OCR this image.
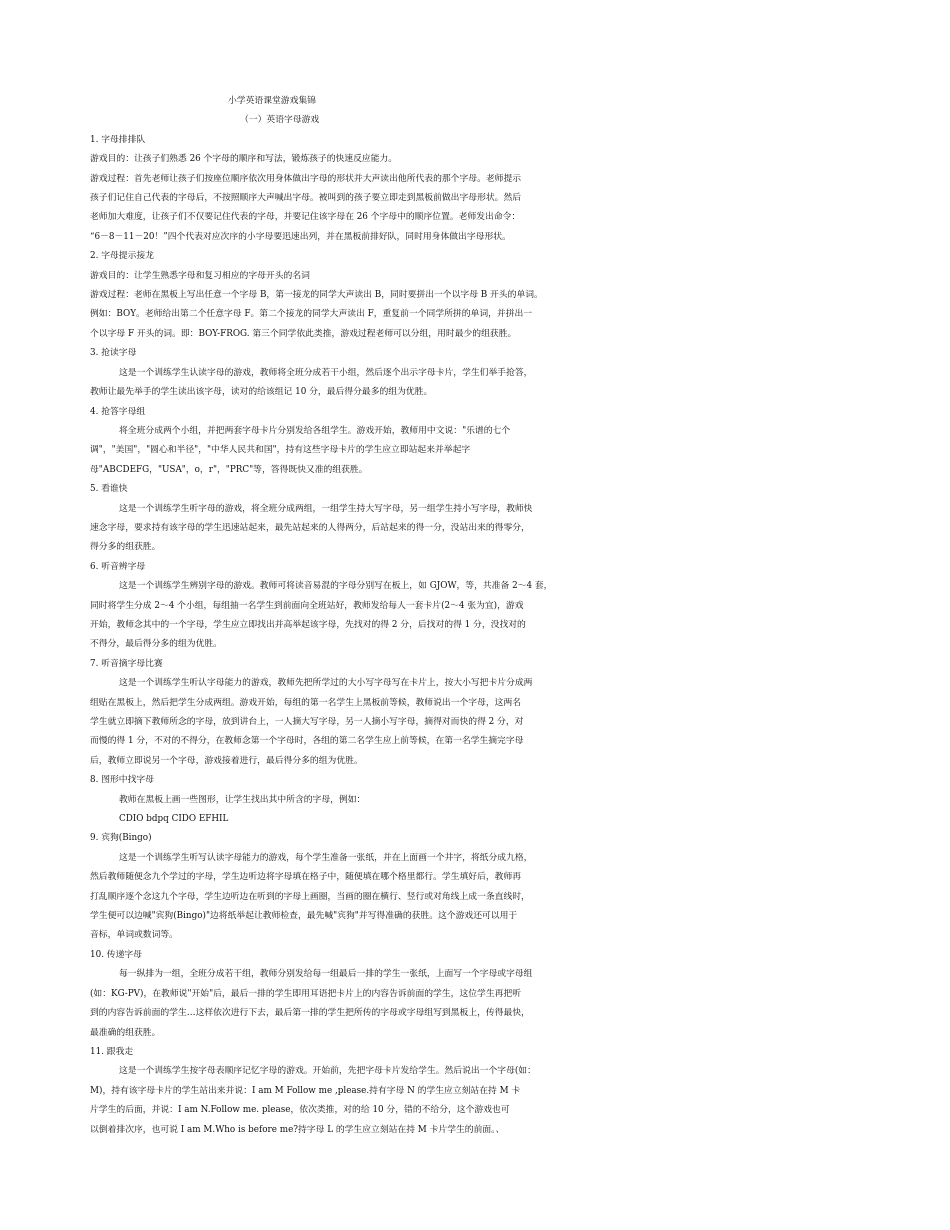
小学英语课堂游戏集锦
（一）英语字母游戏
1. 字母排排队
游戏目的：让孩子们熟悉 26 个字母的顺序和写法，锻炼孩子的快速反应能力。
游戏过程：首先老师让孩子们按座位顺序依次用身体做出字母的形状并大声读出他所代表的那个字母。老师提示
孩子们记住自己代表的字母后，不按照顺序大声喊出字母。被叫到的孩子要立即走到黑板前做出字母形状。然后
老师加大难度，让孩子们不仅要记住代表的字母，并要记住该字母在 26 个字母中的顺序位置。老师发出命令：
“6－8－11－20！”四个代表对应次序的小字母要迅速出列，并在黑板前排好队，同时用身体做出字母形状。
2. 字母提示接龙
游戏目的：让学生熟悉字母和复习相应的字母开头的名词
游戏过程：老师在黑板上写出任意一个字母 B，第一接龙的同学大声读出 B，同时要拼出一个以字母 B 开头的单词。
例如：BOY。老师给出第二个任意字母 F。第二个接龙的同学大声读出 F，重复前一个同学所拼的单词，并拼出一
个以字母 F 开头的词。即：BOY-FROG. 第三个同学依此类推，游戏过程老师可以分组，用时最少的组获胜。
3. 抢读字母
这是一个训练学生认读字母的游戏，教师将全班分成若干小组，然后逐个出示字母卡片，学生们举手抢答，
教师让最先举手的学生读出该字母，读对的给该组记 10 分，最后得分最多的组为优胜。
4. 抢答字母组
将全班分成两个小组，并把两套字母卡片分别发给各组学生。游戏开始，教师用中文说："乐谱的七个
调"，"美国"，"圆心和半径"，"中华人民共和国"，持有这些字母卡片的学生应立即站起来并举起字
母"ABCDEFG，"USA"，o，r"，"PRC"等，答得既快又准的组获胜。
5. 看谁快
这是一个训练学生听字母的游戏，将全班分成两组，一组学生持大写字母，另一组学生持小写字母，教师快
速念字母，要求持有该字母的学生迅速站起来，最先站起来的人得两分，后站起来的得一分，没站出来的得零分，
得分多的组获胜。
6. 听音辨字母
这是一个训练学生辨别字母的游戏。教师可将读音易混的字母分别写在板上，如 GJOW，等，共准备 2～4 套，
同时将学生分成 2～4 个小组，每组抽一名学生到前面向全班站好，教师发给每人一套卡片(2～4 张为宜)，游戏
开始，教师念其中的一个字母，学生应立即找出并高举起该字母，先找对的得 2 分，后找对的得 1 分，没找对的
不得分，最后得分多的组为优胜。
7. 听音摘字母比赛
这是一个训练学生听认字母能力的游戏，教师先把所学过的大小写字母写在卡片上，按大小写把卡片分成两
组贴在黑板上，然后把学生分成两组。游戏开始，每组的第一名学生上黑板前等候，教师说出一个字母，这两名
学生就立即摘下教师所念的字母，放到讲台上，一人摘大写字母，另一人摘小写字母，摘得对而快的得 2 分，对
而慢的得 1 分，不对的不得分，在教师念第一个字母时，各组的第二名学生应上前等候，在第一名学生摘完字母
后，教师立即说另一个字母，游戏接着进行，最后得分多的组为优胜。
8. 图形中找字母
教师在黑板上画一些图形，让学生找出其中所含的字母，例如：
CDIO bdpq CIDO EFHIL
9. 宾狗(Bingo)
这是一个训练学生听写认读字母能力的游戏，每个学生准备一张纸，并在上面画一个井字，将纸分成九格，
然后教师随便念九个学过的字母，学生边听边将字母填在格子中，随便填在哪个格里都行。学生填好后，教师再
打乱顺序逐个念这九个字母，学生边听边在听到的字母上画圈，当画的圈在横行、竖行或对角线上成一条直线时，
学生便可以边喊"宾狗(Bingo)"边将纸举起让教师检查，最先喊"宾狗"并写得准确的获胜。这个游戏还可以用于
音标，单词或数词等。
10. 传递字母
每一纵排为一组，全班分成若干组，教师分别发给每一组最后一排的学生一张纸，上面写一个字母或字母组
(如：KG-PV)，在教师说"开始"后，最后一排的学生即用耳语把卡片上的内容告诉前面的学生，这位学生再把听
到的内容告诉前面的学生…这样依次进行下去，最后第一排的学生把所传的字母或字母组写到黑板上，传得最快，
最准确的组获胜。
11. 跟我走
这是一个训练学生按字母表顺序记忆字母的游戏。开始前，先把字母卡片发给学生。然后说出一个字母(如：
M)，持有该字母卡片的学生站出来并说：I am M Follow me ,please.持有字母 N 的学生应立刻站在持 M 卡
片学生的后面，并说：I am N.Follow me. please，依次类推，对的给 10 分，错的不给分，这个游戏也可
以倒着排次序，也可说 I am M.Who is before me?持字母 L 的学生应立刻站在持 M 卡片学生的前面。、
